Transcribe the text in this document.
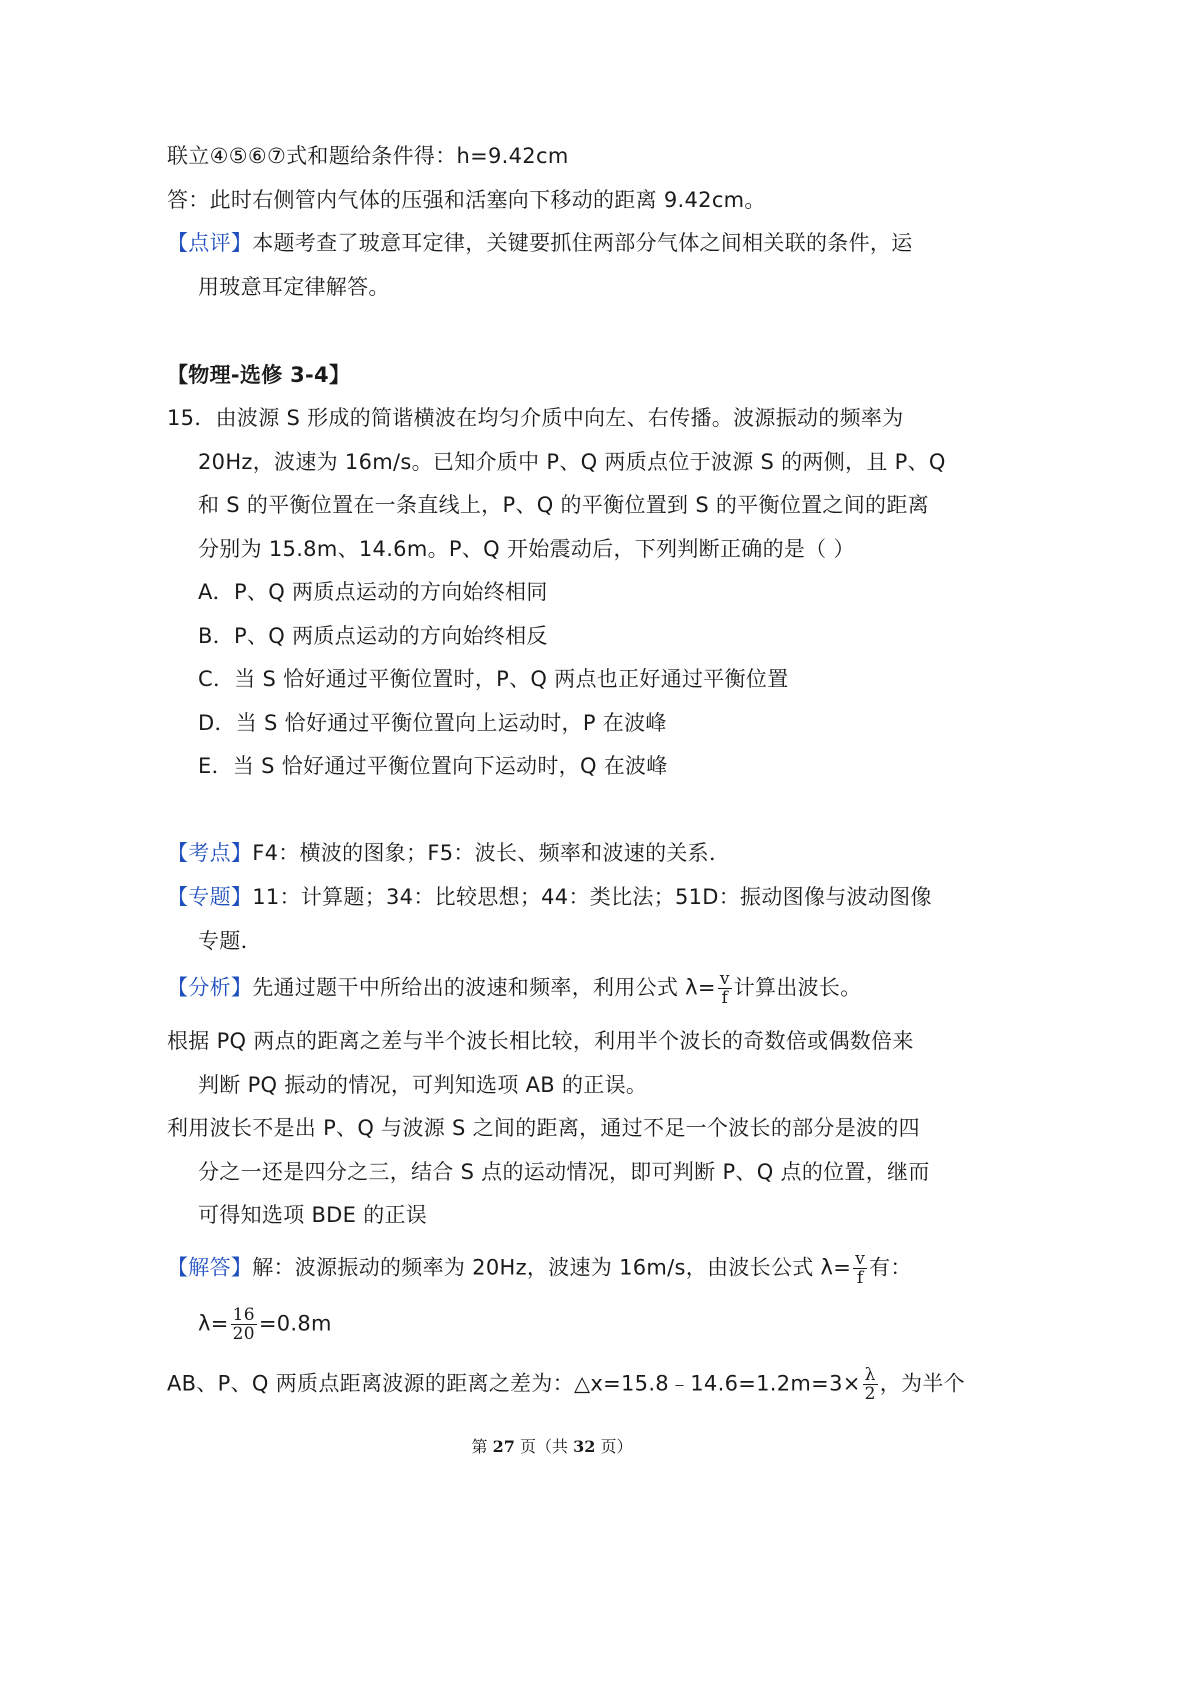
联立④⑤⑥⑦式和题给条件得：h=9.42cm
答：此时右侧管内气体的压强和活塞向下移动的距离 9.42cm。
【点评】本题考查了玻意耳定律，关键要抓住两部分气体之间相关联的条件，运
用玻意耳定律解答。
【物理-选修 3-4】
15．由波源 S 形成的简谐横波在均匀介质中向左、右传播。波源振动的频率为
20Hz，波速为 16m/s。已知介质中 P、Q 两质点位于波源 S 的两侧，且 P、Q
和 S 的平衡位置在一条直线上，P、Q 的平衡位置到 S 的平衡位置之间的距离
分别为 15.8m、14.6m。P、Q 开始震动后，下列判断正确的是（ ）
A．P、Q 两质点运动的方向始终相同
B．P、Q 两质点运动的方向始终相反
C．当 S 恰好通过平衡位置时，P、Q 两点也正好通过平衡位置
D．当 S 恰好通过平衡位置向上运动时，P 在波峰
E．当 S 恰好通过平衡位置向下运动时，Q 在波峰
【考点】F4：横波的图象；F5：波长、频率和波速的关系．
【专题】11：计算题；34：比较思想；44：类比法；51D：振动图像与波动图像
专题．
【分析】先通过题干中所给出的波速和频率，利用公式 $\lambda= \frac{v}{f}$ 计算出波长。
根据 PQ 两点的距离之差与半个波长相比较，利用半个波长的奇数倍或偶数倍来
判断 PQ 振动的情况，可判知选项 AB 的正误。
利用波长不是出 P、Q 与波源 S 之间的距离，通过不足一个波长的部分是波的四
分之一还是四分之三，结合 S 点的运动情况，即可判断 P、Q 点的位置，继而
可得知选项 BDE 的正误
【解答】解：波源振动的频率为 20Hz，波速为 16m/s，由波长公式 $\lambda= \frac{v}{f}$ 有：
$\lambda= \frac{16}{20} =0.8m$
AB、P、Q 两质点距离波源的距离之差为：△x=15.8﹣14.6=1.2m=3× $\frac{\lambda}{2}$ ，为半个
第 27 页（共 32 页）
